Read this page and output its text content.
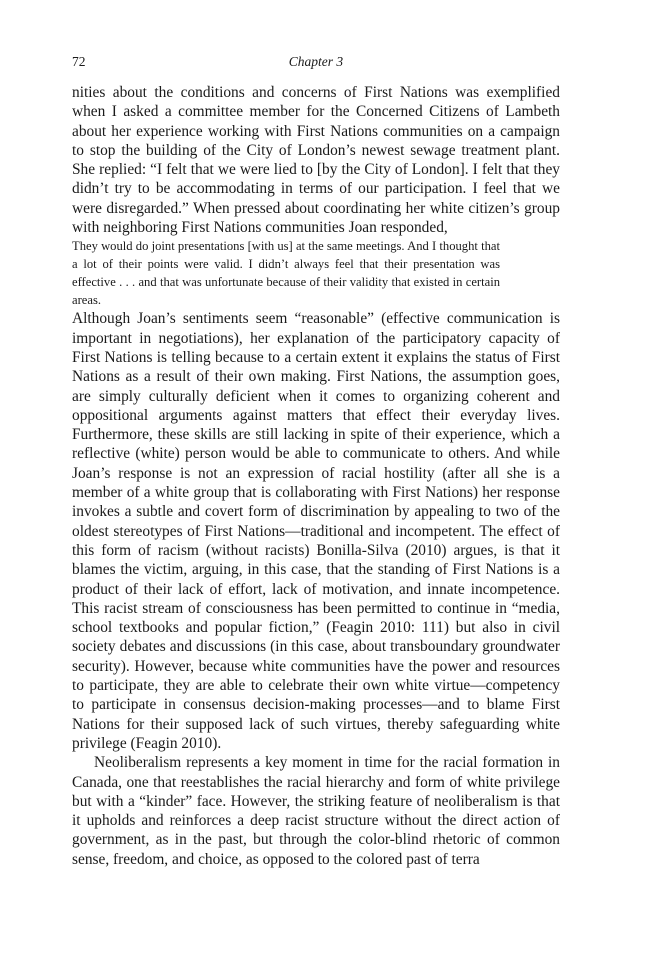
72	Chapter 3

nities about the conditions and concerns of First Nations was exemplified when I asked a committee member for the Concerned Citizens of Lambeth about her experience working with First Nations communities on a campaign to stop the building of the City of London’s newest sewage treatment plant. She replied: “I felt that we were lied to [by the City of London]. I felt that they didn’t try to be accommodating in terms of our participation. I feel that we were disregarded.” When pressed about coordinating her white citizen’s group with neighboring First Nations communities Joan responded,

They would do joint presentations [with us] at the same meetings. And I thought that a lot of their points were valid. I didn’t always feel that their presentation was effective . . . and that was unfortunate because of their validity that existed in certain areas.

Although Joan’s sentiments seem “reasonable” (effective communication is important in negotiations), her explanation of the participatory capacity of First Nations is telling because to a certain extent it explains the status of First Nations as a result of their own making. First Nations, the assumption goes, are simply culturally deficient when it comes to organizing coherent and oppositional arguments against matters that effect their everyday lives. Furthermore, these skills are still lacking in spite of their experience, which a reflective (white) person would be able to communicate to others. And while Joan’s response is not an expression of racial hostility (after all she is a member of a white group that is collaborating with First Nations) her response invokes a subtle and covert form of discrimination by appealing to two of the oldest stereotypes of First Nations—traditional and incompetent. The effect of this form of racism (without racists) Bonilla-Silva (2010) argues, is that it blames the victim, arguing, in this case, that the standing of First Nations is a product of their lack of effort, lack of motivation, and innate incompetence. This racist stream of consciousness has been permitted to continue in “media, school textbooks and popular fiction,” (Feagin 2010: 111) but also in civil society debates and discussions (in this case, about transboundary groundwater security). However, because white communities have the power and resources to participate, they are able to celebrate their own white virtue—competency to participate in consensus decision-making processes—and to blame First Nations for their supposed lack of such virtues, thereby safeguarding white privilege (Feagin 2010).

Neoliberalism represents a key moment in time for the racial formation in Canada, one that reestablishes the racial hierarchy and form of white privilege but with a “kinder” face. However, the striking feature of neoliberalism is that it upholds and reinforces a deep racist structure without the direct action of government, as in the past, but through the color-blind rhetoric of common sense, freedom, and choice, as opposed to the colored past of terra
